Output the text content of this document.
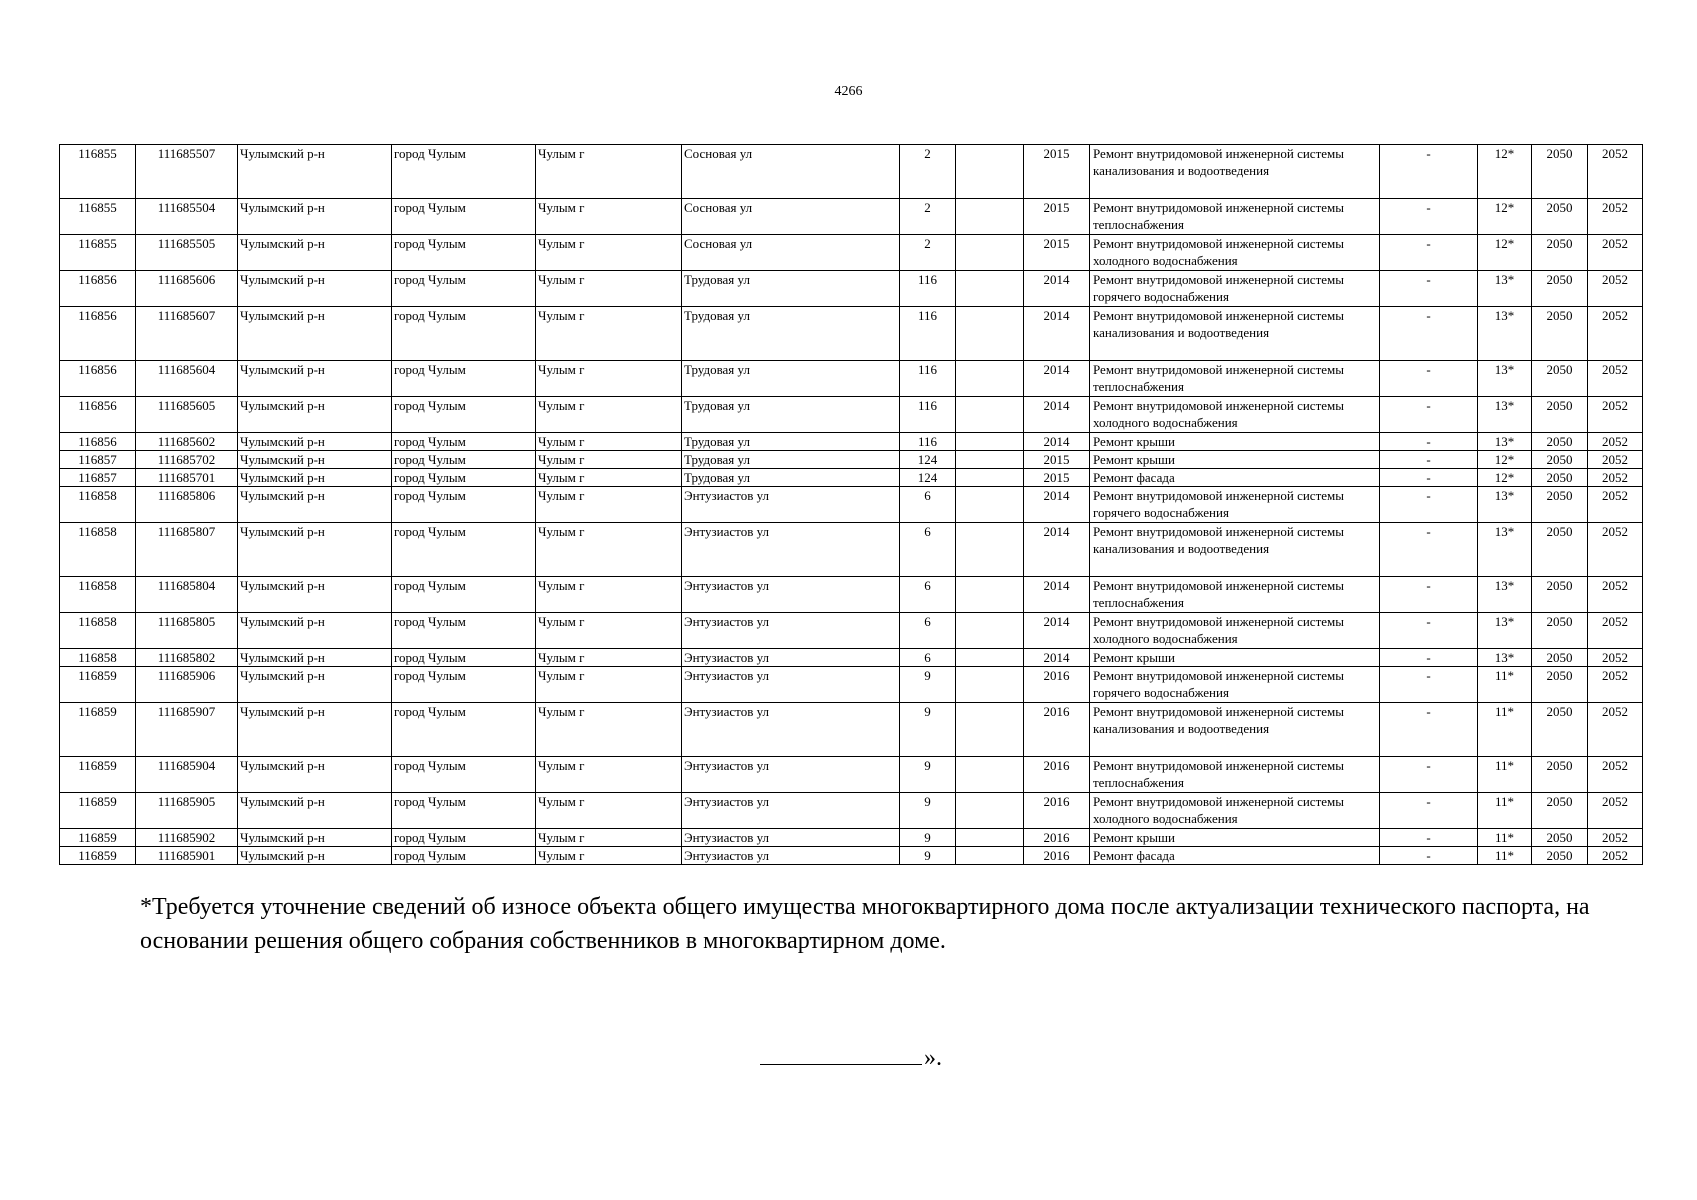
4266
116855	111685507	Чулымский р-н	город Чулым	Чулым г	Сосновая ул	2		2015	Ремонт внутридомовой инженерной системы канализования и водоотведения	-	12*	2050	2052
116855	111685504	Чулымский р-н	город Чулым	Чулым г	Сосновая ул	2		2015	Ремонт внутридомовой инженерной системы теплоснабжения	-	12*	2050	2052
116855	111685505	Чулымский р-н	город Чулым	Чулым г	Сосновая ул	2		2015	Ремонт внутридомовой инженерной системы холодного водоснабжения	-	12*	2050	2052
116856	111685606	Чулымский р-н	город Чулым	Чулым г	Трудовая ул	116		2014	Ремонт внутридомовой инженерной системы горячего водоснабжения	-	13*	2050	2052
116856	111685607	Чулымский р-н	город Чулым	Чулым г	Трудовая ул	116		2014	Ремонт внутридомовой инженерной системы канализования и водоотведения	-	13*	2050	2052
116856	111685604	Чулымский р-н	город Чулым	Чулым г	Трудовая ул	116		2014	Ремонт внутридомовой инженерной системы теплоснабжения	-	13*	2050	2052
116856	111685605	Чулымский р-н	город Чулым	Чулым г	Трудовая ул	116		2014	Ремонт внутридомовой инженерной системы холодного водоснабжения	-	13*	2050	2052
116856	111685602	Чулымский р-н	город Чулым	Чулым г	Трудовая ул	116		2014	Ремонт крыши	-	13*	2050	2052
116857	111685702	Чулымский р-н	город Чулым	Чулым г	Трудовая ул	124		2015	Ремонт крыши	-	12*	2050	2052
116857	111685701	Чулымский р-н	город Чулым	Чулым г	Трудовая ул	124		2015	Ремонт фасада	-	12*	2050	2052
116858	111685806	Чулымский р-н	город Чулым	Чулым г	Энтузиастов ул	6		2014	Ремонт внутридомовой инженерной системы горячего водоснабжения	-	13*	2050	2052
116858	111685807	Чулымский р-н	город Чулым	Чулым г	Энтузиастов ул	6		2014	Ремонт внутридомовой инженерной системы канализования и водоотведения	-	13*	2050	2052
116858	111685804	Чулымский р-н	город Чулым	Чулым г	Энтузиастов ул	6		2014	Ремонт внутридомовой инженерной системы теплоснабжения	-	13*	2050	2052
116858	111685805	Чулымский р-н	город Чулым	Чулым г	Энтузиастов ул	6		2014	Ремонт внутридомовой инженерной системы холодного водоснабжения	-	13*	2050	2052
116858	111685802	Чулымский р-н	город Чулым	Чулым г	Энтузиастов ул	6		2014	Ремонт крыши	-	13*	2050	2052
116859	111685906	Чулымский р-н	город Чулым	Чулым г	Энтузиастов ул	9		2016	Ремонт внутридомовой инженерной системы горячего водоснабжения	-	11*	2050	2052
116859	111685907	Чулымский р-н	город Чулым	Чулым г	Энтузиастов ул	9		2016	Ремонт внутридомовой инженерной системы канализования и водоотведения	-	11*	2050	2052
116859	111685904	Чулымский р-н	город Чулым	Чулым г	Энтузиастов ул	9		2016	Ремонт внутридомовой инженерной системы теплоснабжения	-	11*	2050	2052
116859	111685905	Чулымский р-н	город Чулым	Чулым г	Энтузиастов ул	9		2016	Ремонт внутридомовой инженерной системы холодного водоснабжения	-	11*	2050	2052
116859	111685902	Чулымский р-н	город Чулым	Чулым г	Энтузиастов ул	9		2016	Ремонт крыши	-	11*	2050	2052
116859	111685901	Чулымский р-н	город Чулым	Чулым г	Энтузиастов ул	9		2016	Ремонт фасада	-	11*	2050	2052
*Требуется уточнение сведений об износе объекта общего имущества многоквартирного дома после актуализации технического паспорта, на основании решения общего собрания собственников в многоквартирном доме.
».
